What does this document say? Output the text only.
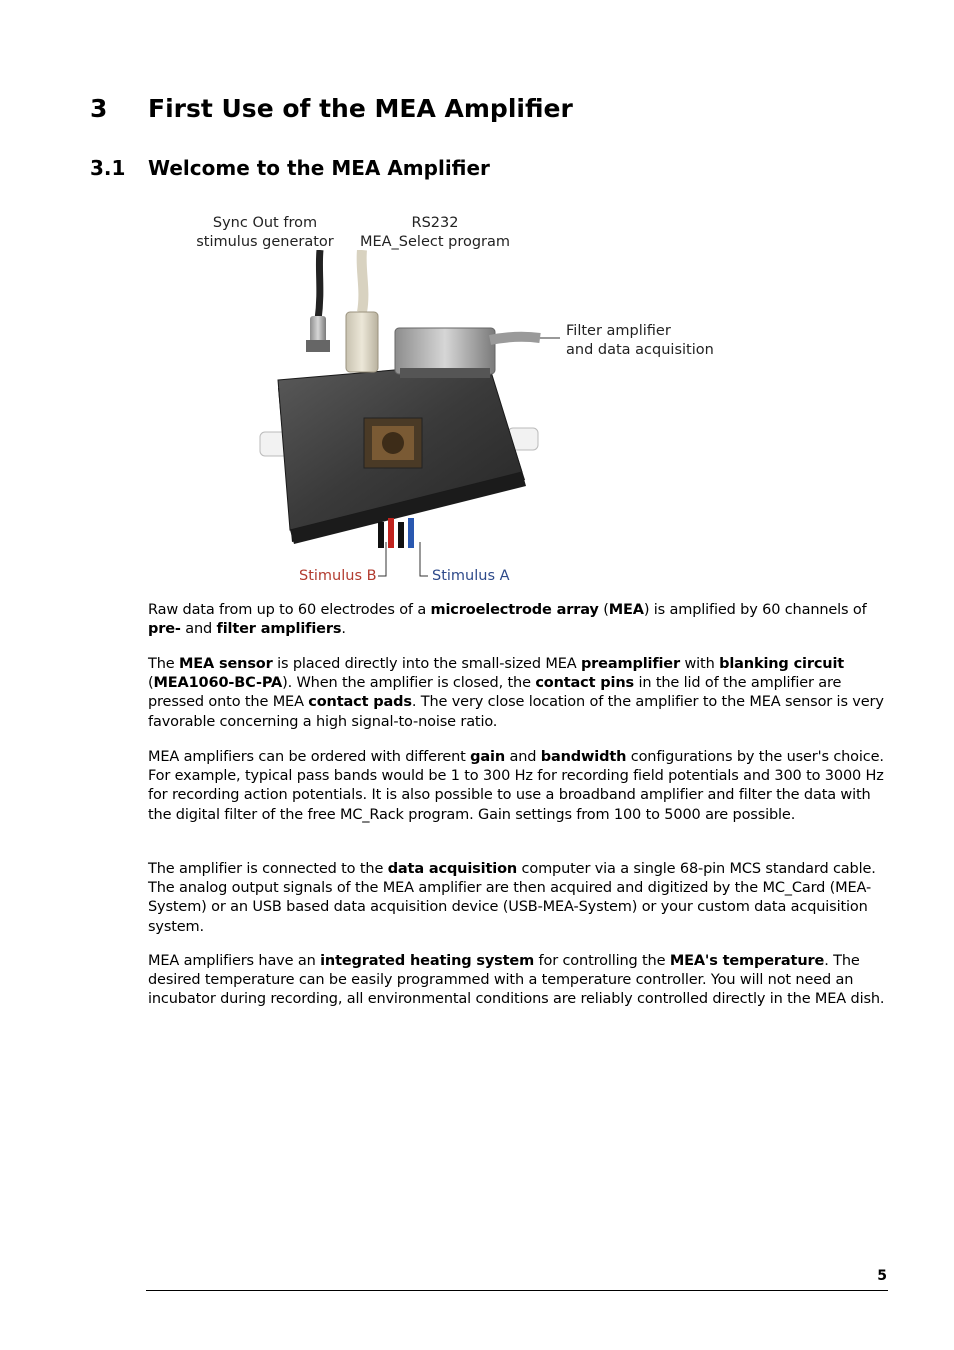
3 First Use of the MEA Amplifier
3.1 Welcome to the MEA Amplifier
Sync Out from
stimulus generator
RS232
MEA_Select program
Filter amplifier
and data acquisition
Stimulus B	Stimulus A

Raw data from up to 60 electrodes of a microelectrode array (MEA) is amplified by 60 channels of pre- and filter amplifiers.

The MEA sensor is placed directly into the small-sized MEA preamplifier with blanking circuit (MEA1060-BC-PA). When the amplifier is closed, the contact pins in the lid of the amplifier are pressed onto the MEA contact pads. The very close location of the amplifier to the MEA sensor is very favorable concerning a high signal-to-noise ratio.

MEA amplifiers can be ordered with different gain and bandwidth configurations by the user's choice. For example, typical pass bands would be 1 to 300 Hz for recording field potentials and 300 to 3000 Hz for recording action potentials. It is also possible to use a broadband amplifier and filter the data with the digital filter of the free MC_Rack program. Gain settings from 100 to 5000 are possible.

The amplifier is connected to the data acquisition computer via a single 68-pin MCS standard cable. The analog output signals of the MEA amplifier are then acquired and digitized by the MC_Card (MEA-System) or an USB based data acquisition device (USB-MEA-System) or your custom data acquisition system.

MEA amplifiers have an integrated heating system for controlling the MEA's temperature. The desired temperature can be easily programmed with a temperature controller. You will not need an incubator during recording, all environmental conditions are reliably controlled directly in the MEA dish.

5
